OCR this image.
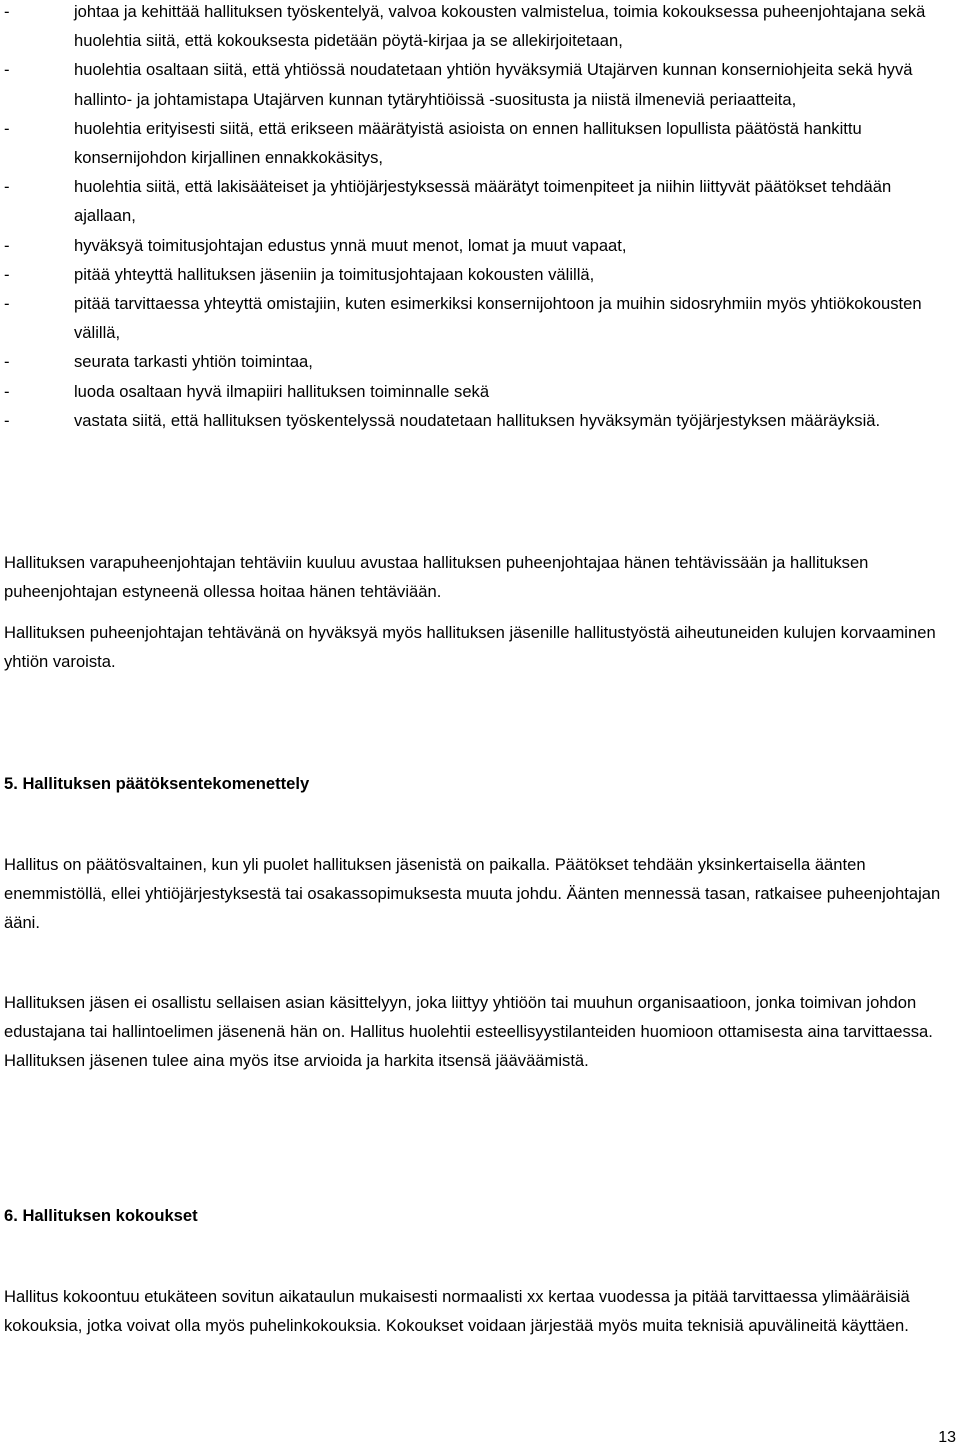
-	johtaa ja kehittää hallituksen työskentelyä, valvoa kokousten valmistelua, toimia kokouksessa puheenjohtajana sekä huolehtia siitä, että kokouksesta pidetään pöytä-kirjaa ja se allekirjoitetaan,
-	huolehtia osaltaan siitä, että yhtiössä noudatetaan yhtiön hyväksymiä Utajärven kunnan konserniohjeita sekä hyvä hallinto- ja johtamistapa Utajärven kunnan tytäryhtiöissä -suositusta ja niistä ilmeneviä periaatteita,
-	huolehtia erityisesti siitä, että erikseen määrätyistä asioista on ennen hallituksen lopullista päätöstä hankittu konsernijohdon kirjallinen ennakkokäsitys,
-	huolehtia siitä, että lakisääteiset ja yhtiöjärjestyksessä määrätyt toimenpiteet ja niihin liittyvät päätökset tehdään ajallaan,
-	hyväksyä toimitusjohtajan edustus ynnä muut menot, lomat ja muut vapaat,
-	pitää yhteyttä hallituksen jäseniin ja toimitusjohtajaan kokousten välillä,
-	pitää tarvittaessa yhteyttä omistajiin, kuten esimerkiksi konsernijohtoon ja muihin sidosryhmiin myös yhtiökokousten välillä,
-	seurata tarkasti yhtiön toimintaa,
-	luoda osaltaan hyvä ilmapiiri hallituksen toiminnalle sekä
-	vastata siitä, että hallituksen työskentelyssä noudatetaan hallituksen hyväksymän työjärjestyksen määräyksiä.

Hallituksen varapuheenjohtajan tehtäviin kuuluu avustaa hallituksen puheenjohtajaa hänen tehtävissään ja hallituksen puheenjohtajan estyneenä ollessa hoitaa hänen tehtäviään.

Hallituksen puheenjohtajan tehtävänä on hyväksyä myös hallituksen jäsenille hallitustyöstä aiheutuneiden kulujen korvaaminen yhtiön varoista.

5. Hallituksen päätöksentekomenettely

Hallitus on päätösvaltainen, kun yli puolet hallituksen jäsenistä on paikalla. Päätökset tehdään yksinkertaisella äänten enemmistöllä, ellei yhtiöjärjestyksestä tai osakassopimuksesta muuta johdu. Äänten mennessä tasan, ratkaisee puheenjohtajan ääni.

Hallituksen jäsen ei osallistu sellaisen asian käsittelyyn, joka liittyy yhtiöön tai muuhun organisaatioon, jonka toimivan johdon edustajana tai hallintoelimen jäsenenä hän on. Hallitus huolehtii esteellisyystilanteiden huomioon ottamisesta aina tarvittaessa. Hallituksen jäsenen tulee aina myös itse arvioida ja harkita itsensä jääväämistä.

6. Hallituksen kokoukset

Hallitus kokoontuu etukäteen sovitun aikataulun mukaisesti normaalisti xx kertaa vuodessa ja pitää tarvittaessa ylimääräisiä kokouksia, jotka voivat olla myös puhelinkokouksia. Kokoukset voidaan järjestää myös muita teknisiä apuvälineitä käyttäen.

13
